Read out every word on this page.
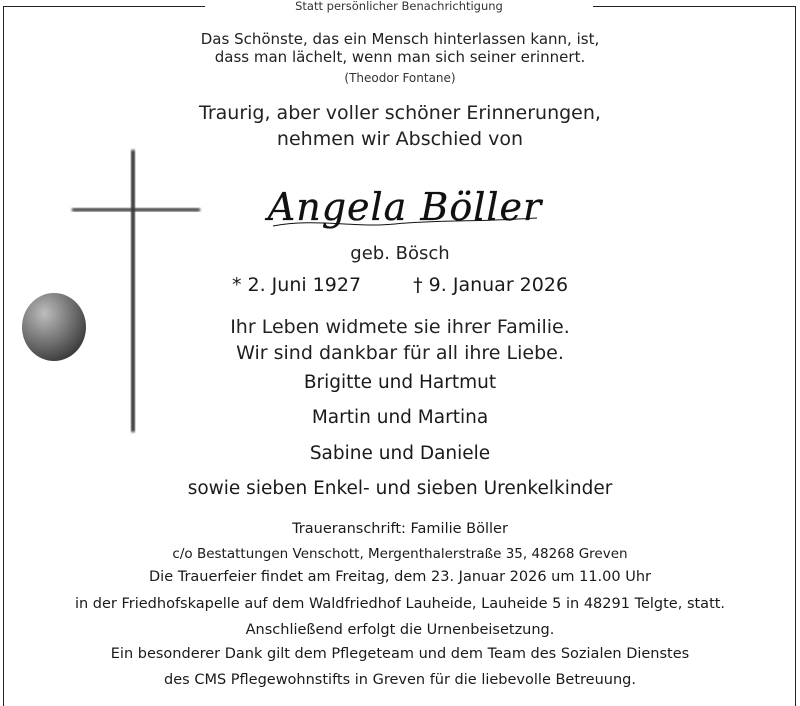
Statt persönlicher Benachrichtigung
Das Schönste, das ein Mensch hinterlassen kann, ist,
dass man lächelt, wenn man sich seiner erinnert.
(Theodor Fontane)
Traurig, aber voller schöner Erinnerungen,
nehmen wir Abschied von
Angela Böller
geb. Bösch
* 2. Juni 1927	† 9. Januar 2026
Ihr Leben widmete sie ihrer Familie.
Wir sind dankbar für all ihre Liebe.
Brigitte und Hartmut
Martin und Martina
Sabine und Daniele
sowie sieben Enkel- und sieben Urenkelkinder
Traueranschrift: Familie Böller
c/o Bestattungen Venschott, Mergenthalerstraße 35, 48268 Greven
Die Trauerfeier findet am Freitag, dem 23. Januar 2026 um 11.00 Uhr
in der Friedhofskapelle auf dem Waldfriedhof Lauheide, Lauheide 5 in 48291 Telgte, statt.
Anschließend erfolgt die Urnenbeisetzung.
Ein besonderer Dank gilt dem Pflegeteam und dem Team des Sozialen Dienstes
des CMS Pflegewohnstifts in Greven für die liebevolle Betreuung.
